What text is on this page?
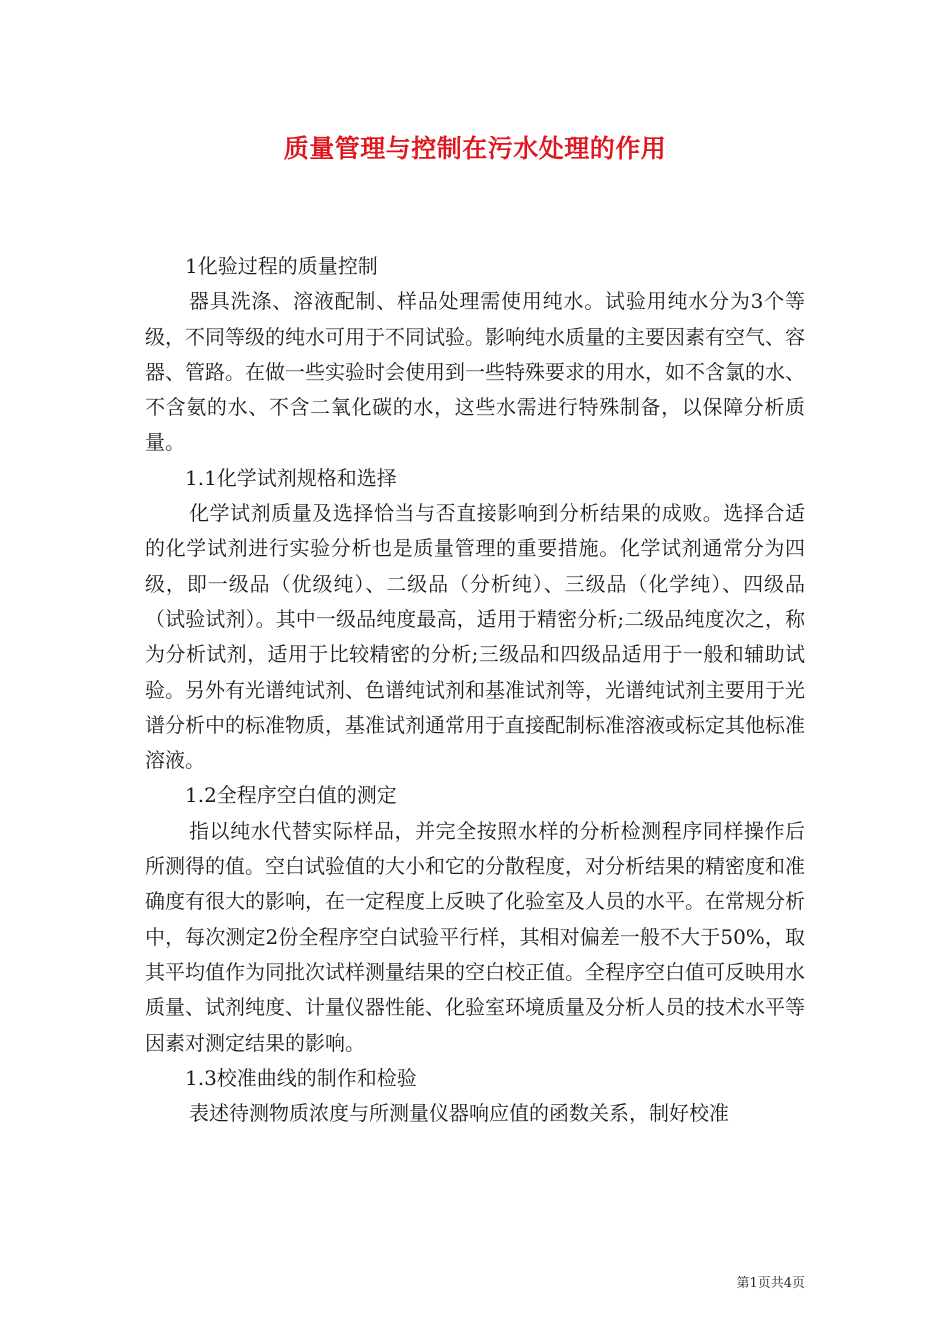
质量管理与控制在污水处理的作用

1化验过程的质量控制

器具洗涤、溶液配制、样品处理需使用纯水。试验用纯水分为3个等级，不同等级的纯水可用于不同试验。影响纯水质量的主要因素有空气、容器、管路。在做一些实验时会使用到一些特殊要求的用水，如不含氯的水、不含氨的水、不含二氧化碳的水，这些水需进行特殊制备，以保障分析质量。

1.1化学试剂规格和选择

化学试剂质量及选择恰当与否直接影响到分析结果的成败。选择合适的化学试剂进行实验分析也是质量管理的重要措施。化学试剂通常分为四级，即一级品（优级纯）、二级品（分析纯）、三级品（化学纯）、四级品（试验试剂）。其中一级品纯度最高，适用于精密分析;二级品纯度次之，称为分析试剂，适用于比较精密的分析;三级品和四级品适用于一般和辅助试验。另外有光谱纯试剂、色谱纯试剂和基准试剂等，光谱纯试剂主要用于光谱分析中的标准物质，基准试剂通常用于直接配制标准溶液或标定其他标准溶液。

1.2全程序空白值的测定

指以纯水代替实际样品，并完全按照水样的分析检测程序同样操作后所测得的值。空白试验值的大小和它的分散程度，对分析结果的精密度和准确度有很大的影响，在一定程度上反映了化验室及人员的水平。在常规分析中，每次测定2份全程序空白试验平行样，其相对偏差一般不大于50%，取其平均值作为同批次试样测量结果的空白校正值。全程序空白值可反映用水质量、试剂纯度、计量仪器性能、化验室环境质量及分析人员的技术水平等因素对测定结果的影响。

1.3校准曲线的制作和检验

表述待测物质浓度与所测量仪器响应值的函数关系，制好校准

第1页共4页
